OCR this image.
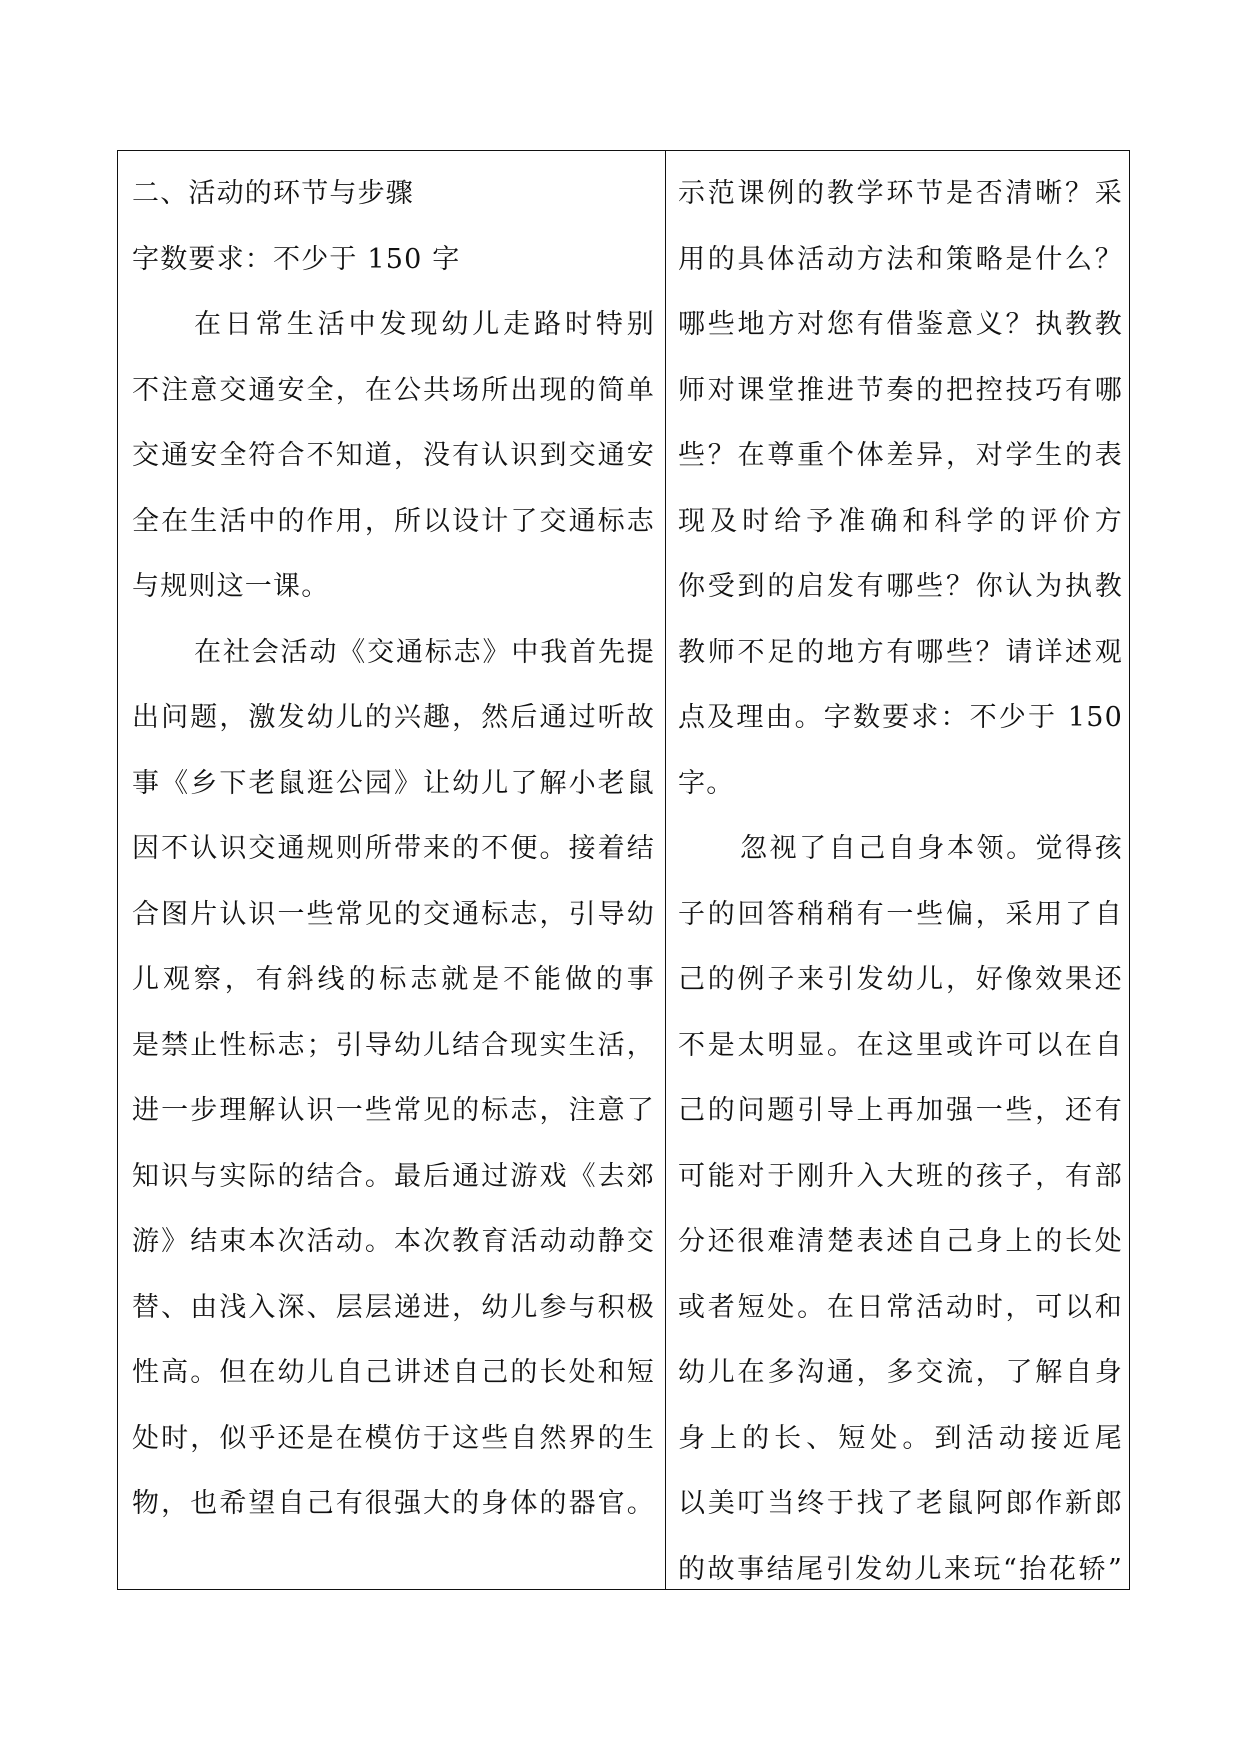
二、活动的环节与步骤
字数要求：不少于 150 字
在日常生活中发现幼儿走路时特别
不注意交通安全，在公共场所出现的简单
交通安全符合不知道，没有认识到交通安
全在生活中的作用，所以设计了交通标志
与规则这一课。
在社会活动《交通标志》中我首先提
出问题，激发幼儿的兴趣，然后通过听故
事《乡下老鼠逛公园》让幼儿了解小老鼠
因不认识交通规则所带来的不便。接着结
合图片认识一些常见的交通标志，引导幼
儿观察，有斜线的标志就是不能做的事
是禁止性标志；引导幼儿结合现实生活，
进一步理解认识一些常见的标志，注意了
知识与实际的结合。最后通过游戏《去郊
游》结束本次活动。本次教育活动动静交
替、由浅入深、层层递进，幼儿参与积极
性高。但在幼儿自己讲述自己的长处和短
处时，似乎还是在模仿于这些自然界的生
物，也希望自己有很强大的身体的器官。
示范课例的教学环节是否清晰？采
用的具体活动方法和策略是什么？
哪些地方对您有借鉴意义？执教教
师对课堂推进节奏的把控技巧有哪
些？在尊重个体差异，对学生的表
现及时给予准确和科学的评价方
你受到的启发有哪些？你认为执教
教师不足的地方有哪些？请详述观
点及理由。字数要求：不少于 150
字。
忽视了自己自身本领。觉得孩
子的回答稍稍有一些偏，采用了自
己的例子来引发幼儿，好像效果还
不是太明显。在这里或许可以在自
己的问题引导上再加强一些，还有
可能对于刚升入大班的孩子，有部
分还很难清楚表述自己身上的长处
或者短处。在日常活动时，可以和
幼儿在多沟通，多交流，了解自身
身上的长、短处。到活动接近尾
以美叮当终于找了老鼠阿郎作新郎
的故事结尾引发幼儿来玩“抬花轿”
